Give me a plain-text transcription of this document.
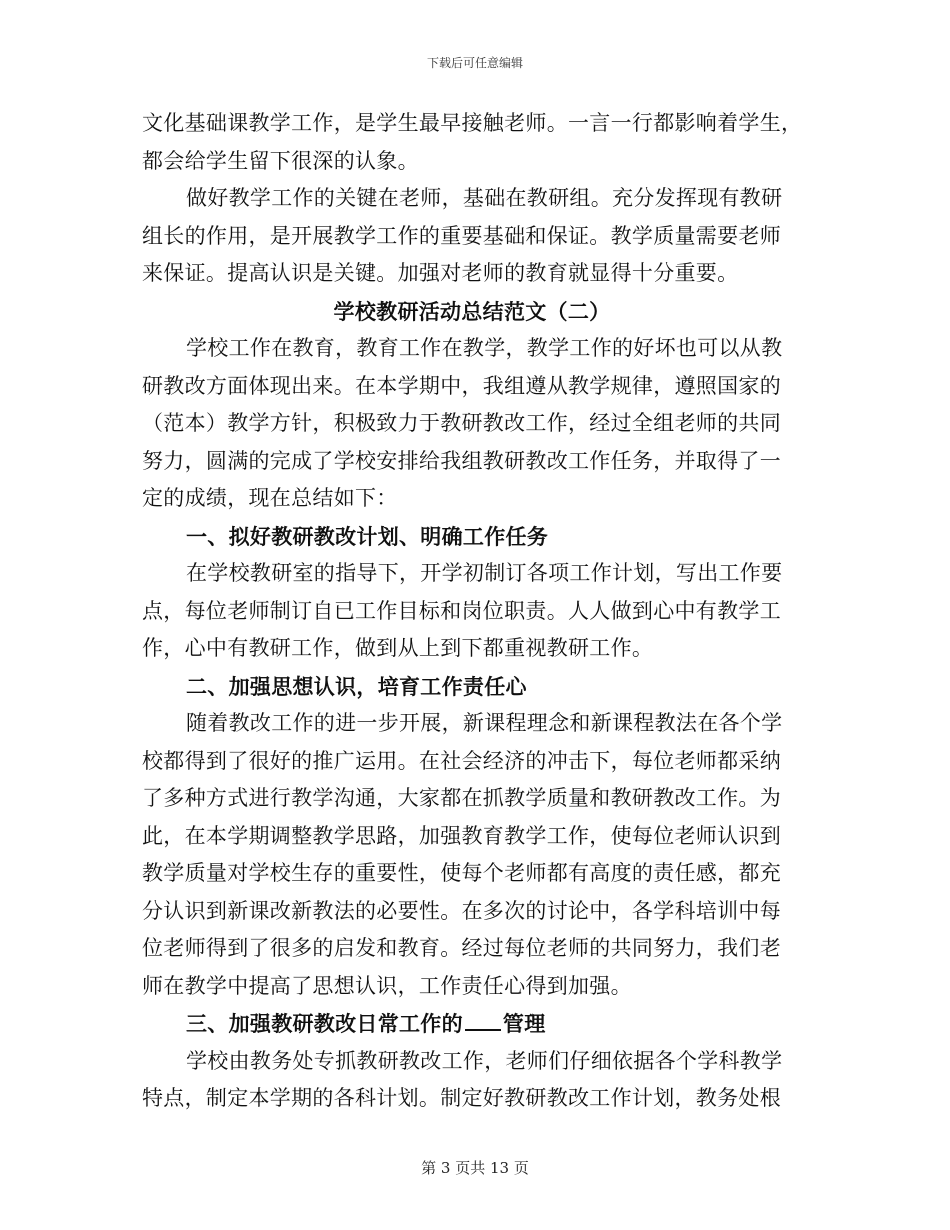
下载后可任意编辑
文化基础课教学工作，是学生最早接触老师。一言一行都影响着学生，
都会给学生留下很深的认象。
做好教学工作的关键在老师，基础在教研组。充分发挥现有教研
组长的作用，是开展教学工作的重要基础和保证。教学质量需要老师
来保证。提高认识是关键。加强对老师的教育就显得十分重要。
学校教研活动总结范文（二）
学校工作在教育，教育工作在教学，教学工作的好坏也可以从教
研教改方面体现出来。在本学期中，我组遵从教学规律，遵照国家的
（范本）教学方针，积极致力于教研教改工作，经过全组老师的共同
努力，圆满的完成了学校安排给我组教研教改工作任务，并取得了一
定的成绩，现在总结如下：
一、拟好教研教改计划、明确工作任务
在学校教研室的指导下，开学初制订各项工作计划，写出工作要
点，每位老师制订自已工作目标和岗位职责。人人做到心中有教学工
作，心中有教研工作，做到从上到下都重视教研工作。
二、加强思想认识，培育工作责任心
随着教改工作的进一步开展，新课程理念和新课程教法在各个学
校都得到了很好的推广运用。在社会经济的冲击下，每位老师都采纳
了多种方式进行教学沟通，大家都在抓教学质量和教研教改工作。为
此，在本学期调整教学思路，加强教育教学工作，使每位老师认识到
教学质量对学校生存的重要性，使每个老师都有高度的责任感，都充
分认识到新课改新教法的必要性。在多次的讨论中，各学科培训中每
位老师得到了很多的启发和教育。经过每位老师的共同努力，我们老
师在教学中提高了思想认识，工作责任心得到加强。
三、加强教研教改日常工作的 管理
学校由教务处专抓教研教改工作，老师们仔细依据各个学科教学
特点，制定本学期的各科计划。制定好教研教改工作计划，教务处根
第 3 页共 13 页
